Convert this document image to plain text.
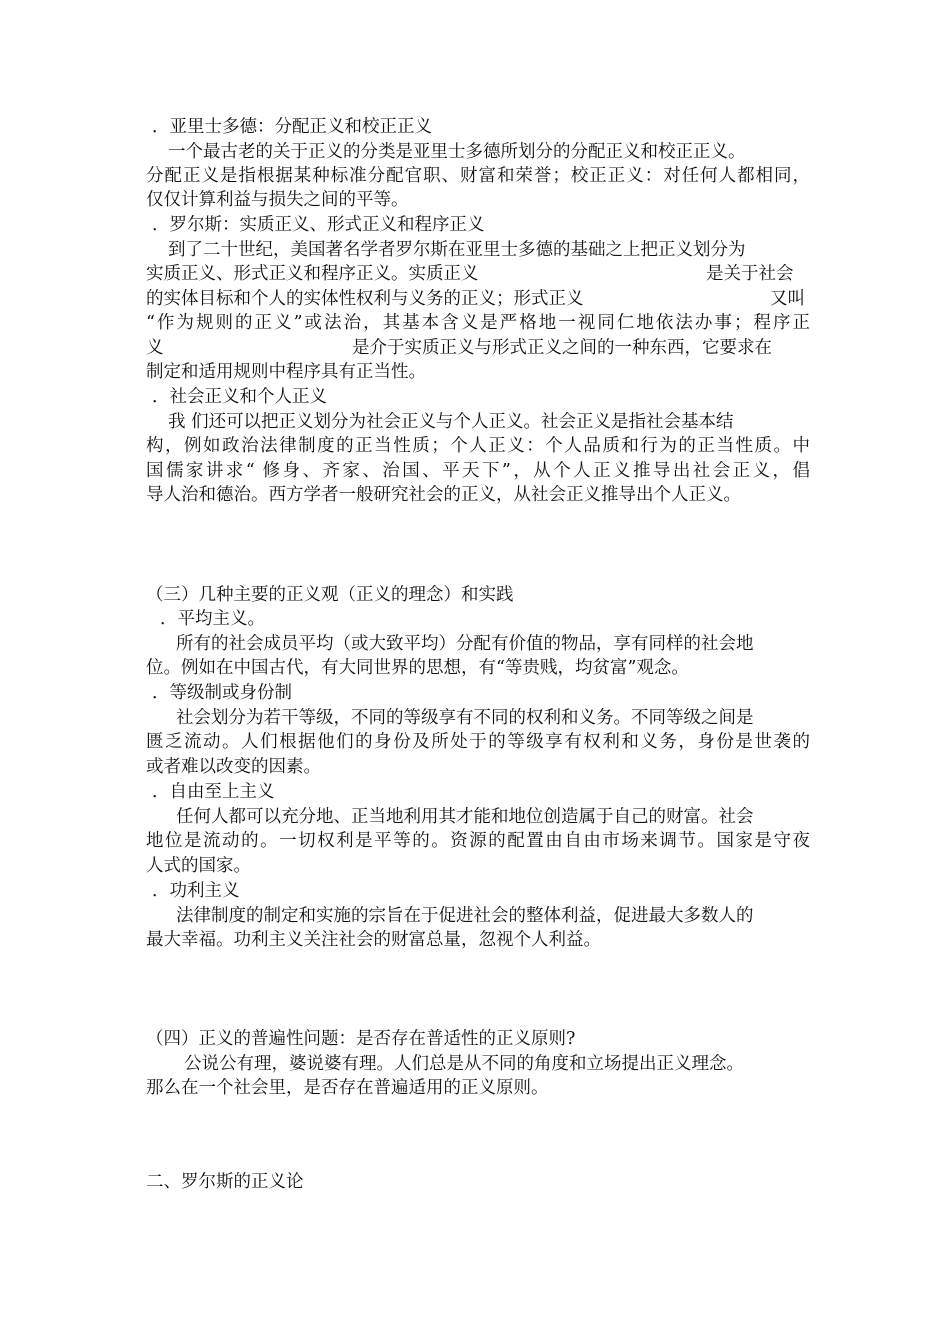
．亚里士多德：分配正义和校正正义
一个最古老的关于正义的分类是亚里士多德所划分的分配正义和校正正义。
分配正义是指根据某种标准分配官职、财富和荣誉；校正正义：对任何人都相同，
仅仅计算利益与损失之间的平等。
．罗尔斯：实质正义、形式正义和程序正义
到了二十世纪，美国著名学者罗尔斯在亚里士多德的基础之上把正义划分为
实质正义、形式正义和程序正义。实质正义	是关于社会
的实体目标和个人的实体性权利与义务的正义；形式正义	又叫
“作为规则的正义”或法治，其基本含义是严格地一视同仁地依法办事；程序正
义	是介于实质正义与形式正义之间的一种东西，它要求在
制定和适用规则中程序具有正当性。
．社会正义和个人正义
我 们还可以把正义划分为社会正义与个人正义。社会正义是指社会基本结
构，例如政治法律制度的正当性质；个人正义：个人品质和行为的正当性质。中
国儒家讲求“ 修身、齐家、治国、平天下”，从个人正义推导出社会正义，倡
导人治和德治。西方学者一般研究社会的正义，从社会正义推导出个人正义。
（三）几种主要的正义观（正义的理念）和实践
．平均主义。
所有的社会成员平均（或大致平均）分配有价值的物品，享有同样的社会地
位。例如在中国古代，有大同世界的思想，有“等贵贱，均贫富”观念。
．等级制或身份制
社会划分为若干等级，不同的等级享有不同的权利和义务。不同等级之间是
匮乏流动。人们根据他们的身份及所处于的等级享有权利和义务，身份是世袭的
或者难以改变的因素。
．自由至上主义
任何人都可以充分地、正当地利用其才能和地位创造属于自己的财富。社会
地位是流动的。一切权利是平等的。资源的配置由自由市场来调节。国家是守夜
人式的国家。
．功利主义
法律制度的制定和实施的宗旨在于促进社会的整体利益，促进最大多数人的
最大幸福。功利主义关注社会的财富总量，忽视个人利益。
（四）正义的普遍性问题：是否存在普适性的正义原则?
公说公有理，婆说婆有理。人们总是从不同的角度和立场提出正义理念。
那么在一个社会里，是否存在普遍适用的正义原则。
二、罗尔斯的正义论
